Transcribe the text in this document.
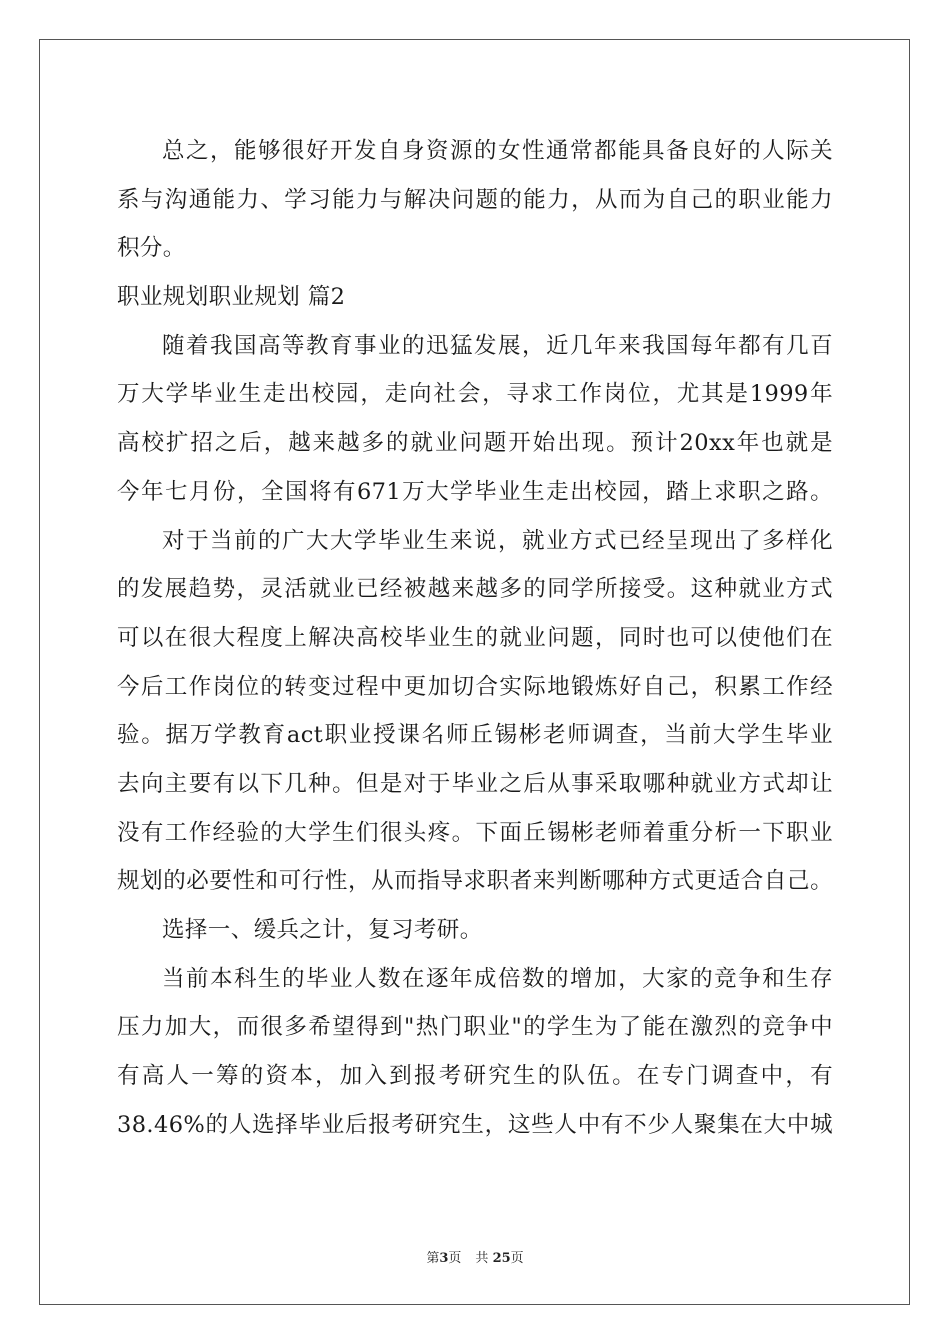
总之，能够很好开发自身资源的女性通常都能具备良好的人际关
系与沟通能力、学习能力与解决问题的能力，从而为自己的职业能力
积分。
职业规划职业规划 篇2
随着我国高等教育事业的迅猛发展，近几年来我国每年都有几百
万大学毕业生走出校园，走向社会，寻求工作岗位，尤其是1999年
高校扩招之后，越来越多的就业问题开始出现。预计20xx年也就是
今年七月份，全国将有671万大学毕业生走出校园，踏上求职之路。
对于当前的广大大学毕业生来说，就业方式已经呈现出了多样化
的发展趋势，灵活就业已经被越来越多的同学所接受。这种就业方式
可以在很大程度上解决高校毕业生的就业问题，同时也可以使他们在
今后工作岗位的转变过程中更加切合实际地锻炼好自己，积累工作经
验。据万学教育act职业授课名师丘锡彬老师调查，当前大学生毕业
去向主要有以下几种。但是对于毕业之后从事采取哪种就业方式却让
没有工作经验的大学生们很头疼。下面丘锡彬老师着重分析一下职业
规划的必要性和可行性，从而指导求职者来判断哪种方式更适合自己。
选择一、缓兵之计，复习考研。
当前本科生的毕业人数在逐年成倍数的增加，大家的竞争和生存
压力加大，而很多希望得到"热门职业"的学生为了能在激烈的竞争中
有高人一筹的资本，加入到报考研究生的队伍。在专门调查中，有
38.46%的人选择毕业后报考研究生，这些人中有不少人聚集在大中城
第3页 共 25页
